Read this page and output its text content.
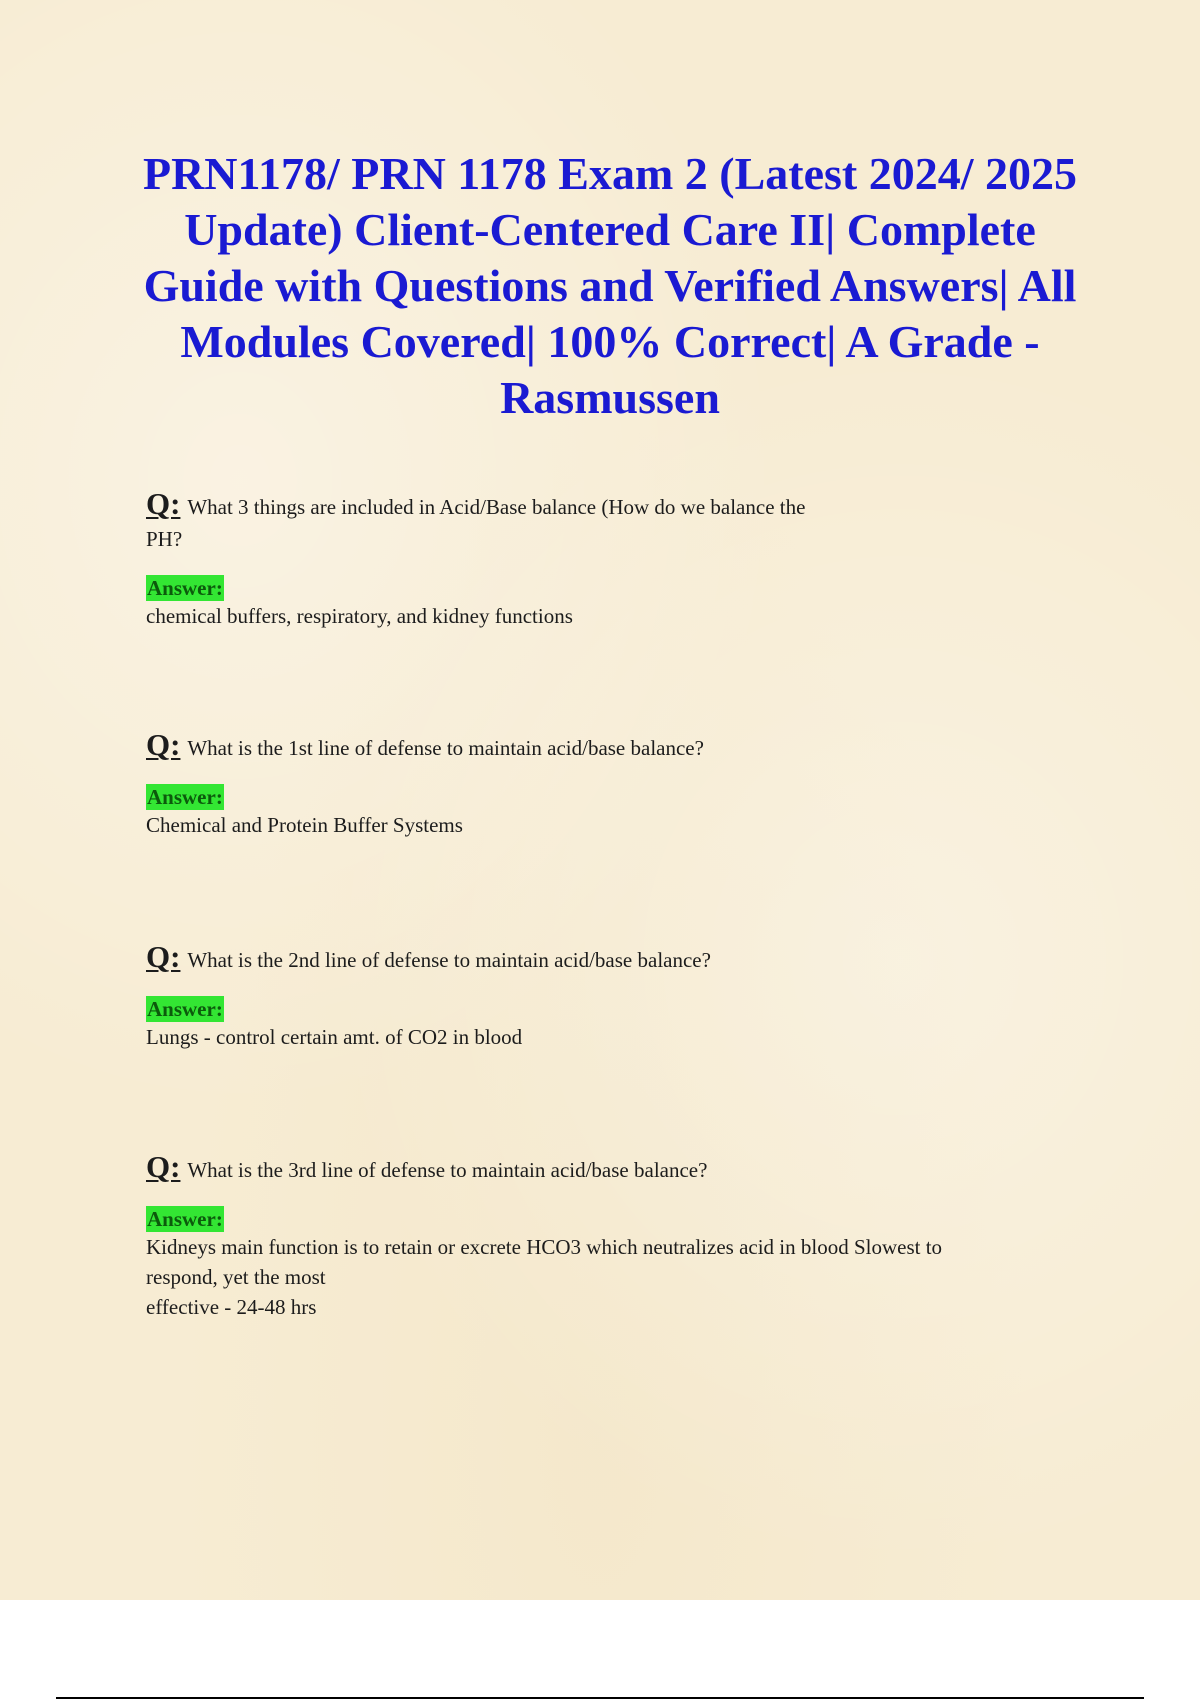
PRN1178/ PRN 1178 Exam 2 (Latest 2024/ 2025 Update) Client-Centered Care II| Complete Guide with Questions and Verified Answers| All Modules Covered| 100% Correct| A Grade - Rasmussen

Q: What 3 things are included in Acid/Base balance (How do we balance the
PH?

Answer:

chemical buffers, respiratory, and kidney functions

Q: What is the 1st line of defense to maintain acid/base balance?

Answer:

Chemical and Protein Buffer Systems

Q: What is the 2nd line of defense to maintain acid/base balance?

Answer:

Lungs - control certain amt. of CO2 in blood

Q: What is the 3rd line of defense to maintain acid/base balance?

Answer:

Kidneys main function is to retain or excrete HCO3 which neutralizes acid in blood Slowest to
respond, yet the most
effective - 24-48 hrs
